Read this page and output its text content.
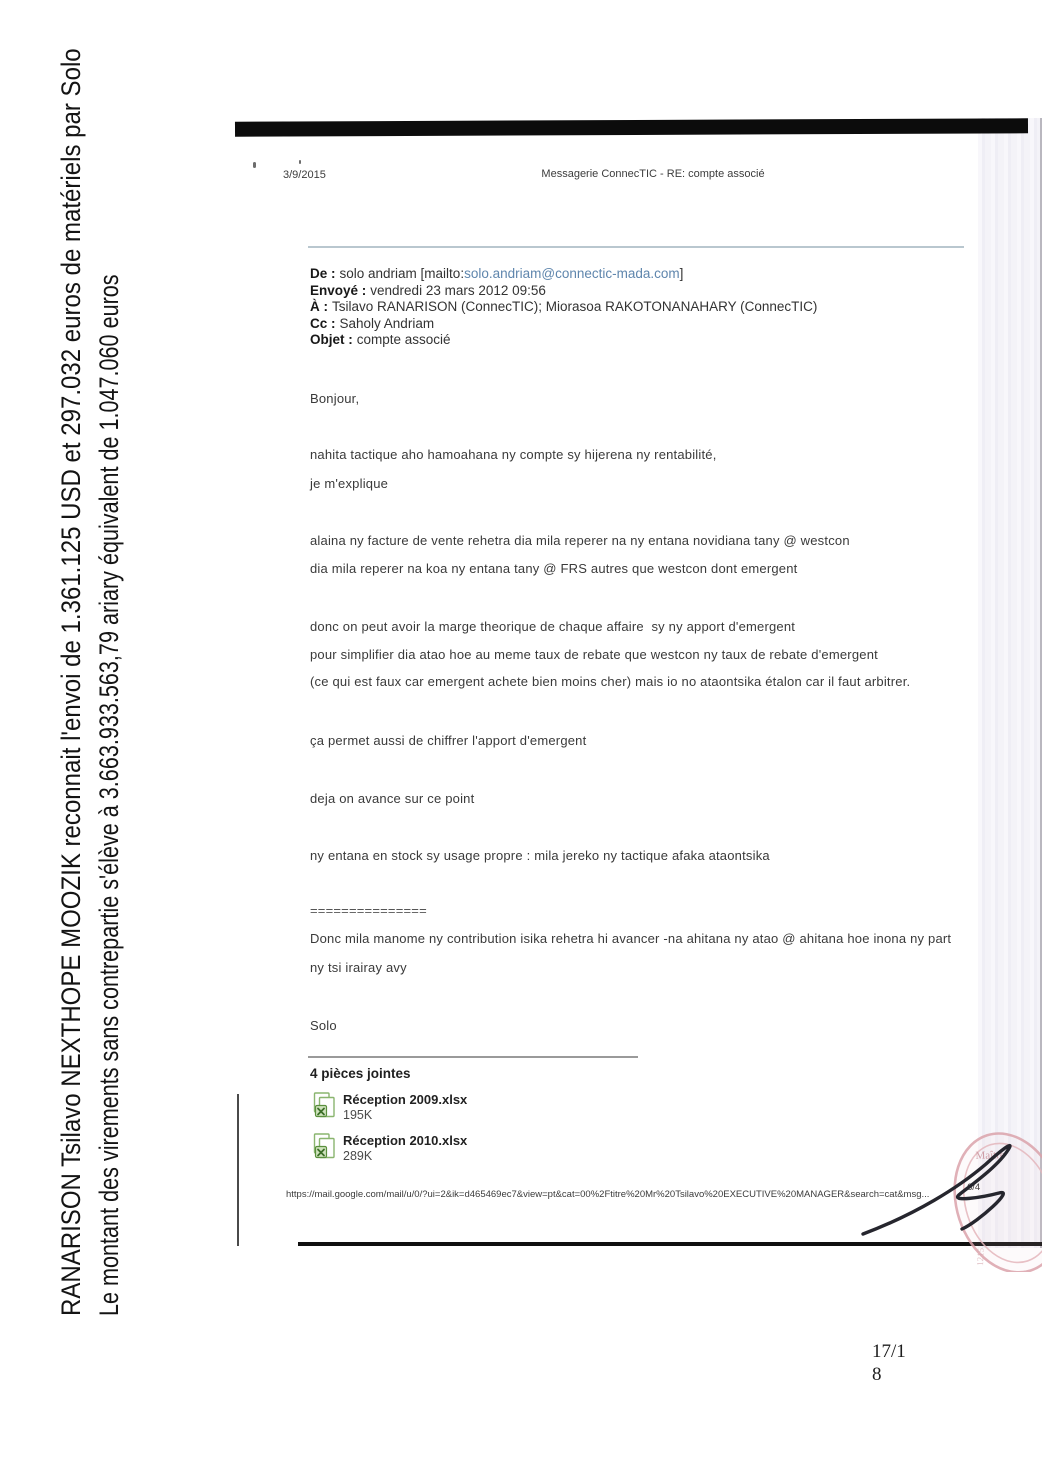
RANARISON Tsilavo NEXTHOPE MOOZIK reconnait l'envoi de 1.361.125 USD et 297.032 euros de matériels par Solo Le montant des virements sans contrepartie s'élève à 3.663.933.563,79 ariary équivalent de 1.047.060 euros
3/9/2015	Messagerie ConnecTIC - RE: compte associé
De : solo andriam [mailto:solo.andriam@connectic-mada.com]
Envoyé : vendredi 23 mars 2012 09:56
À : Tsilavo RANARISON (ConnecTIC); Miorasoa RAKOTONANAHARY (ConnecTIC)
Cc : Saholy Andriam
Objet : compte associé
Bonjour,
nahita tactique aho hamoahana ny compte sy hijerena ny rentabilité,
je m'explique
alaina ny facture de vente rehetra dia mila reperer na ny entana novidiana tany @ westcon
dia mila reperer na koa ny entana tany @ FRS autres que westcon dont emergent
donc on peut avoir la marge theorique de chaque affaire  sy ny apport d'emergent
pour simplifier dia atao hoe au meme taux de rebate que westcon ny taux de rebate d'emergent
(ce qui est faux car emergent achete bien moins cher) mais io no ataontsika étalon car il faut arbitrer.
ça permet aussi de chiffrer l'apport d'emergent
deja on avance sur ce point
ny entana en stock sy usage propre : mila jereko ny tactique afaka ataontsika
===============
Donc mila manome ny contribution isika rehetra hi avancer -na ahitana ny atao @ ahitana hoe inona ny part
ny tsi irairay avy
Solo
4 pièces jointes
Réception 2009.xlsx
195K
Réception 2010.xlsx
289K
https://mail.google.com/mail/u/0/?ui=2&ik=d465469ec7&view=pt&cat=00%2Ftitre%20Mr%20Tsilavo%20EXECUTIVE%20MANAGER&search=cat&msg...
Maître
1215
17/1
8
